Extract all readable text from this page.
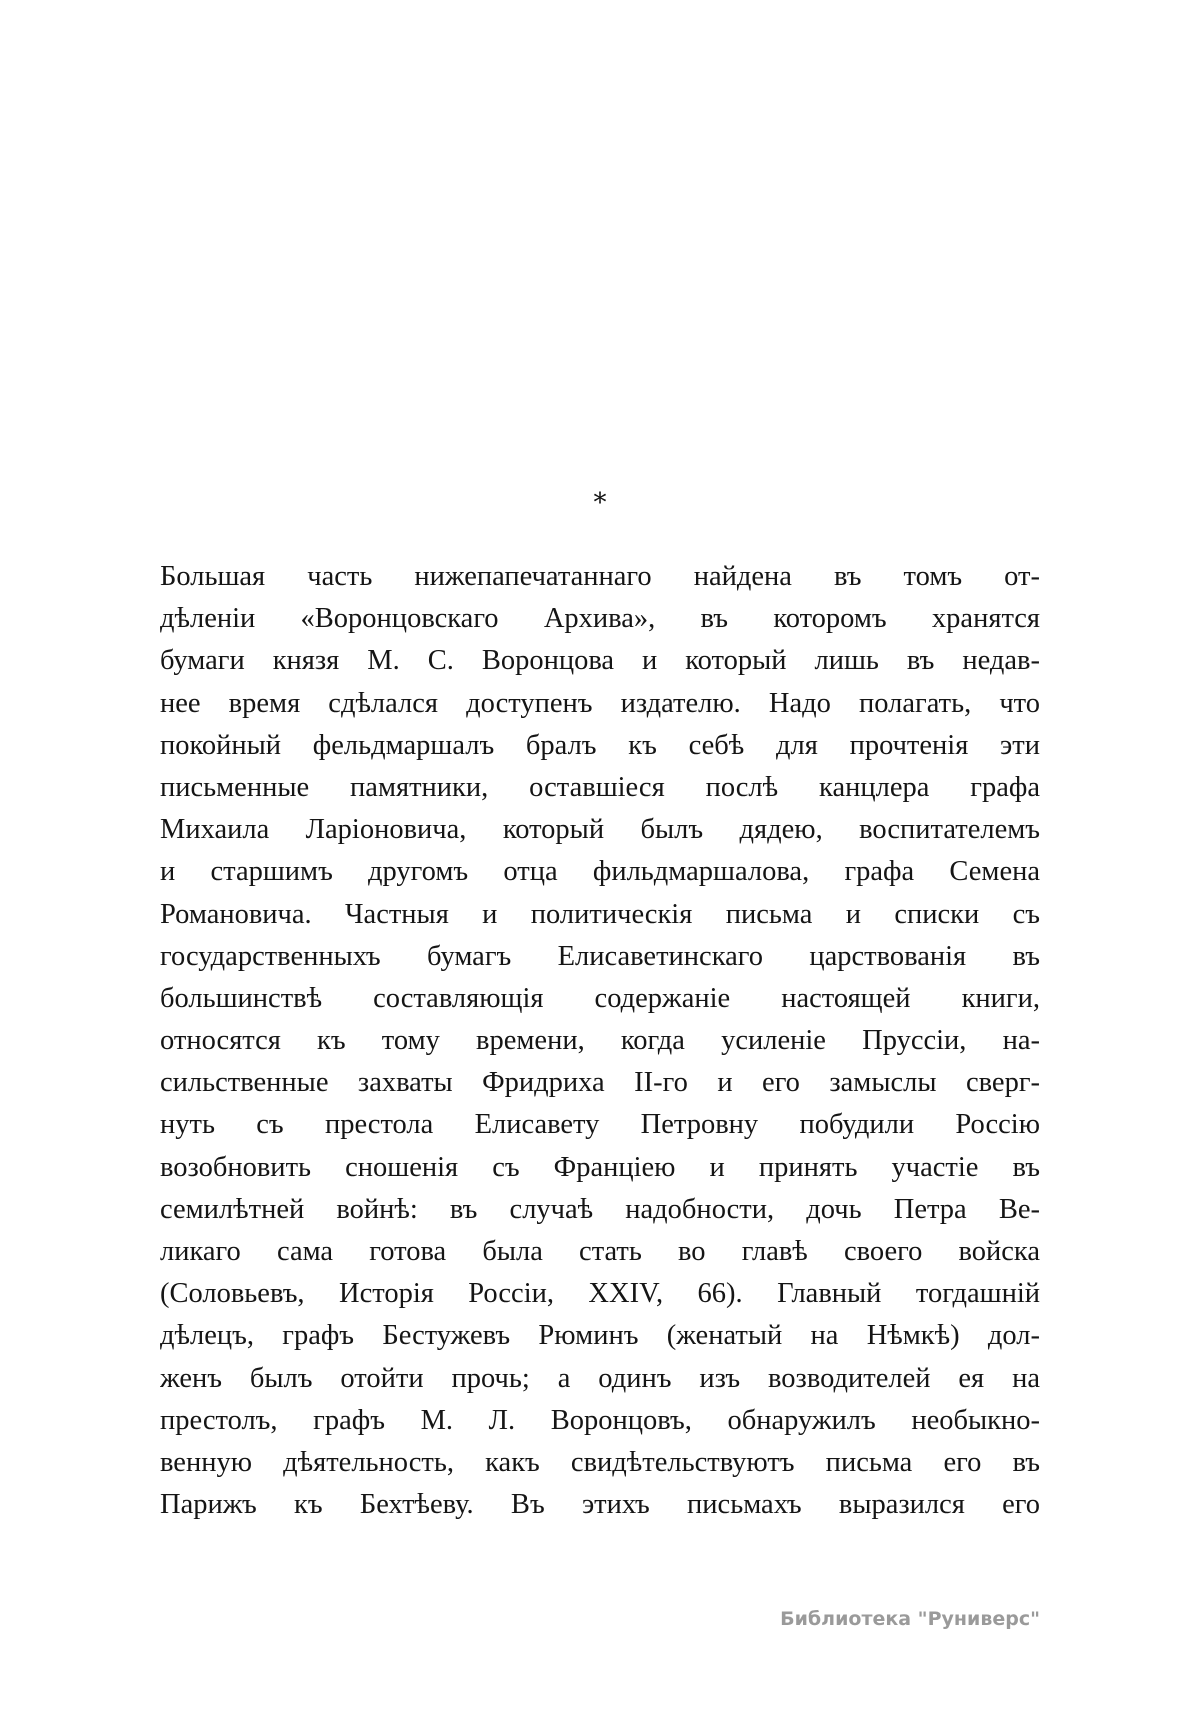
*
Большая часть нижепапечатаннаго найдена въ томъ от-
дѣленіи «Воронцовскаго Архива», въ которомъ хранятся
бумаги князя М. С. Воронцова и который лишь въ недав-
нее время сдѣлался доступенъ издателю. Надо полагать, что
покойный фельдмаршалъ бралъ къ себѣ для прочтенія эти
письменные памятники, оставшіеся послѣ канцлера графа
Михаила Ларіоновича, который былъ дядею, воспитателемъ
и старшимъ другомъ отца фильдмаршалова, графа Семена
Романовича. Частныя и политическія письма и списки съ
государственныхъ бумагъ Елисаветинскаго царствованія въ
большинствѣ составляющія содержаніе настоящей книги,
относятся къ тому времени, когда усиленіе Пруссіи, на-
сильственные захваты Фридриха II-го и его замыслы сверг-
нуть съ престола Елисавету Петровну побудили Россію
возобновить сношенія съ Франціею и принять участіе въ
семилѣтней войнѣ: въ случаѣ надобности, дочь Петра Ве-
ликаго сама готова была стать во главѣ своего войска
(Соловьевъ, Исторія Россіи, XXIV, 66). Главный тогдашній
дѣлецъ, графъ Бестужевъ Рюминъ (женатый на Нѣмкѣ) дол-
женъ былъ отойти прочь; а одинъ изъ возводителей ея на
престолъ, графъ М. Л. Воронцовъ, обнаружилъ необыкно-
венную дѣятельность, какъ свидѣтельствуютъ письма его въ
Парижъ къ Бехтѣеву. Въ этихъ письмахъ выразился его
Библиотека "Руниверс"
